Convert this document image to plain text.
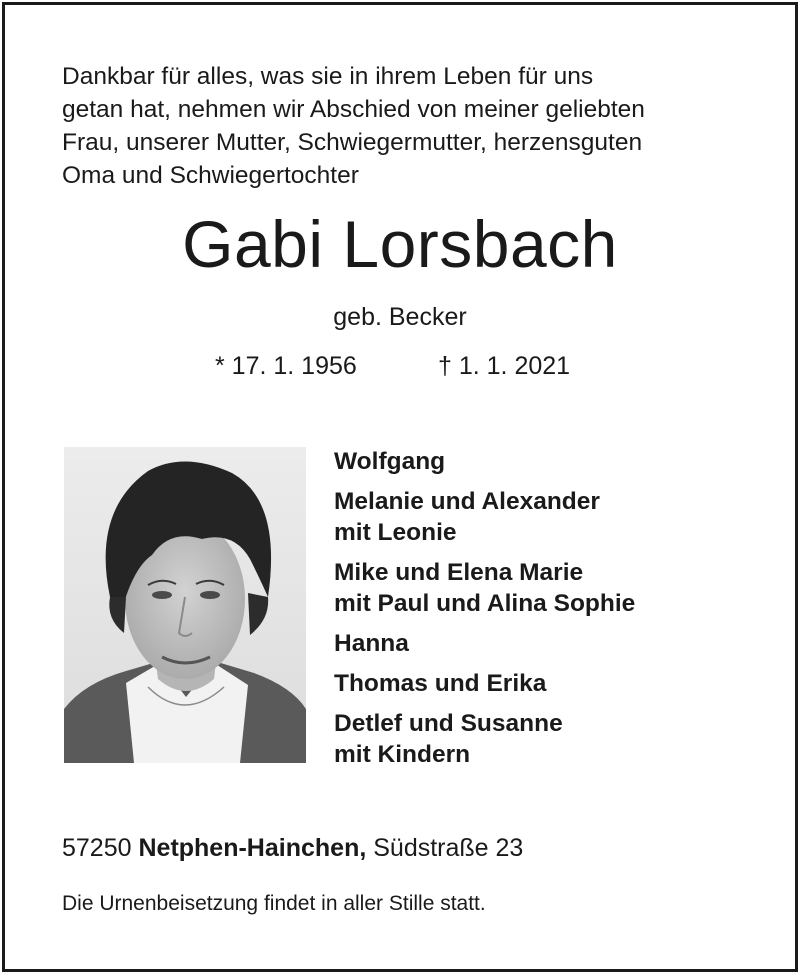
Dankbar für alles, was sie in ihrem Leben für uns
getan hat, nehmen wir Abschied von meiner geliebten
Frau, unserer Mutter, Schwiegermutter, herzensguten
Oma und Schwiegertochter
Gabi Lorsbach
geb. Becker
* 17. 1. 1956	† 1. 1. 2021
Wolfgang
Melanie und Alexander
mit Leonie
Mike und Elena Marie
mit Paul und Alina Sophie
Hanna
Thomas und Erika
Detlef und Susanne
mit Kindern
57250 Netphen-Hainchen, Südstraße 23
Die Urnenbeisetzung findet in aller Stille statt.
